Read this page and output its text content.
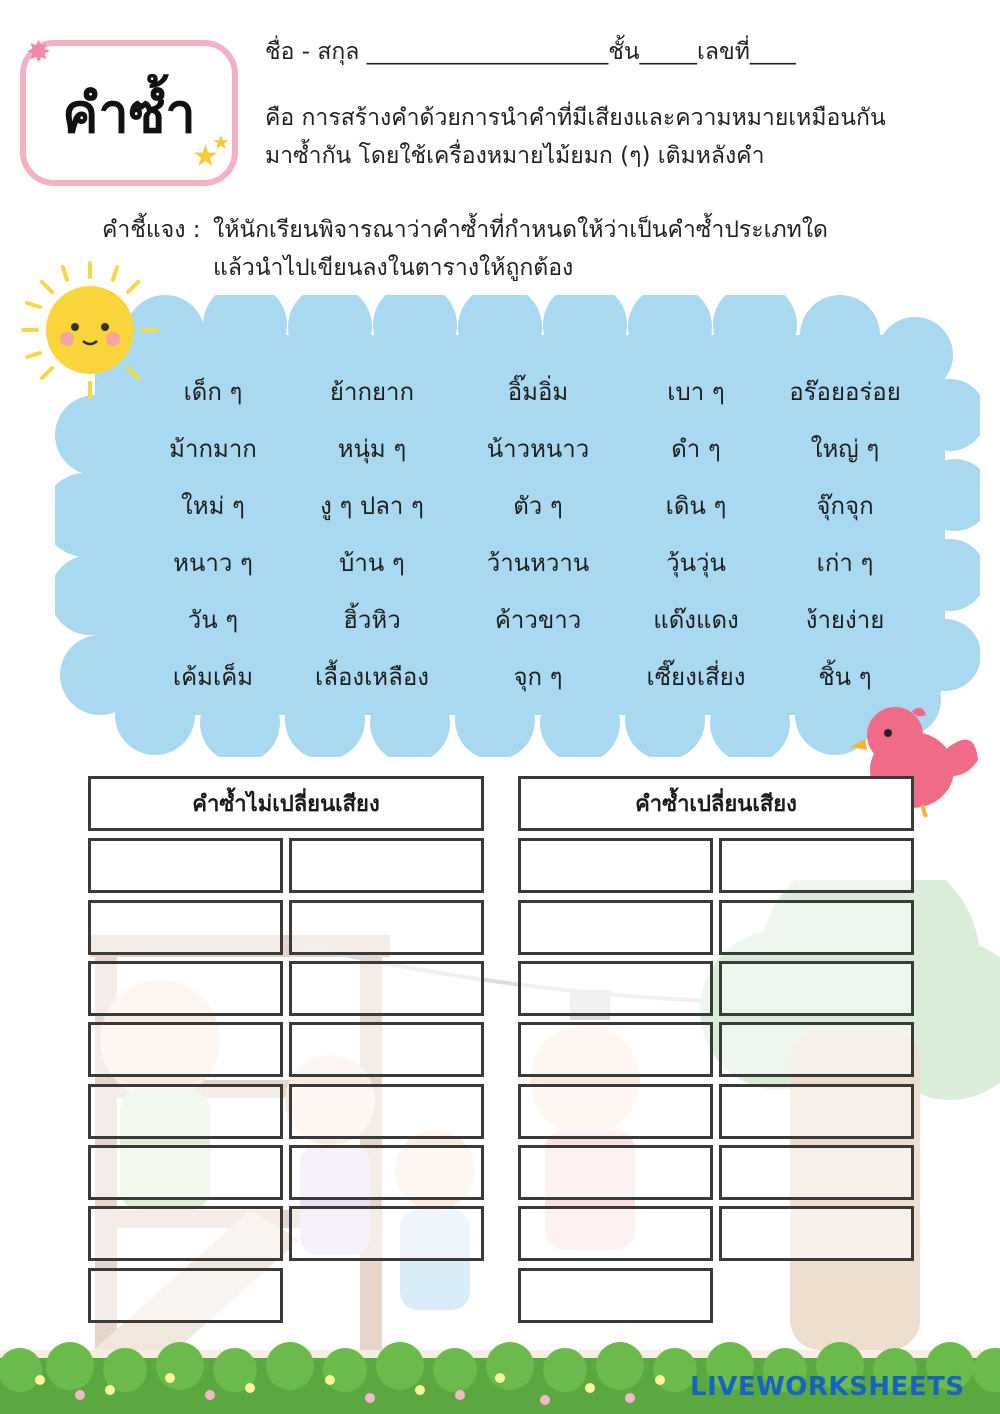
คำซ้ำ
✸
★
★
ชื่อ - สกุล _____________________ชั้น_____เลขที่____
คือ การสร้างคำด้วยการนำคำที่มีเสียงและความหมายเหมือนกัน
มาซ้ำกัน โดยใช้เครื่องหมายไม้ยมก (ๆ) เติมหลังคำ
คำชี้แจง : ให้นักเรียนพิจารณาว่าคำซ้ำที่กำหนดให้ว่าเป็นคำซ้ำประเภทใด
แล้วนำไปเขียนลงในตารางให้ถูกต้อง
เด็ก ๆ	ย้ากยาก	อิ๊มอิ่ม	เบา ๆ	อร๊อยอร่อย
ม้ากมาก	หนุ่ม ๆ	น้าวหนาว	ดำ ๆ	ใหญ่ ๆ
ใหม่ ๆ	งู ๆ ปลา ๆ	ตัว ๆ	เดิน ๆ	จุ๊กจุก
หนาว ๆ	บ้าน ๆ	ว้านหวาน	วุ้นวุ่น	เก่า ๆ
วัน ๆ	ฮิ้วหิว	ค้าวขาว	แด๊งแดง	ง้ายง่าย
เค้มเค็ม	เลื้องเหลือง	จุก ๆ	เซี๊ยงเสี่ยง	ชิ้น ๆ
คำซ้ำไม่เปลี่ยนเสียง	คำซ้ำเปลี่ยนเสียง
LIVEWORKSHEETS
